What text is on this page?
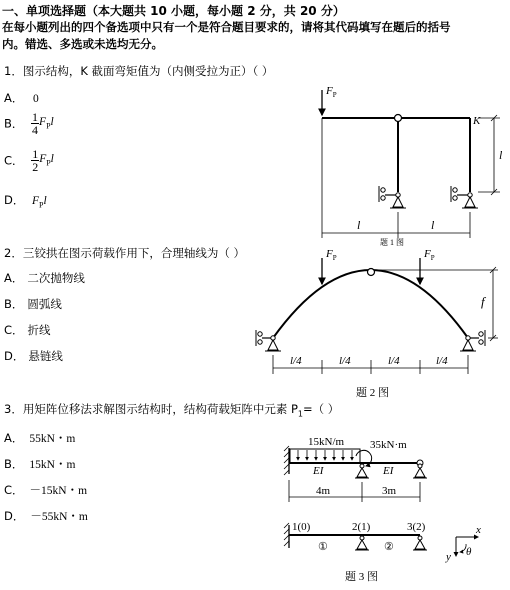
一、单项选择题（本大题共 10 小题，每小题 2 分，共 20 分）
在每小题列出的四个备选项中只有一个是符合题目要求的，请将其代码填写在题后的括号
内。错选、多选或未选均无分。
1．图示结构，K 截面弯矩值为（内侧受拉为正）（ ）
A． 0
B． $\frac{1}{4} F_Pl$
C． $\frac{1}{2} F_Pl$
D． $F_Pl$
$F_P$
K
l
l	l
题 1 图
2．三铰拱在图示荷载作用下，合理轴线为（ ）
A． 二次抛物线
B． 圆弧线
C． 折线
D． 悬链线
$F_P$	$F_P$
f
l/4	l/4	l/4	l/4
题 2 图
3．用矩阵位移法求解图示结构时，结构荷载矩阵中元素 $P_1=$（ ）
A． 55kN・m
B． 15kN・m
C． －15kN・m
D． －55kN・m
15kN/m 35kN·m
EI	EI
4m	3m
1(0)	2(1)	3(2)
①	②
x
y θ
题 3 图
